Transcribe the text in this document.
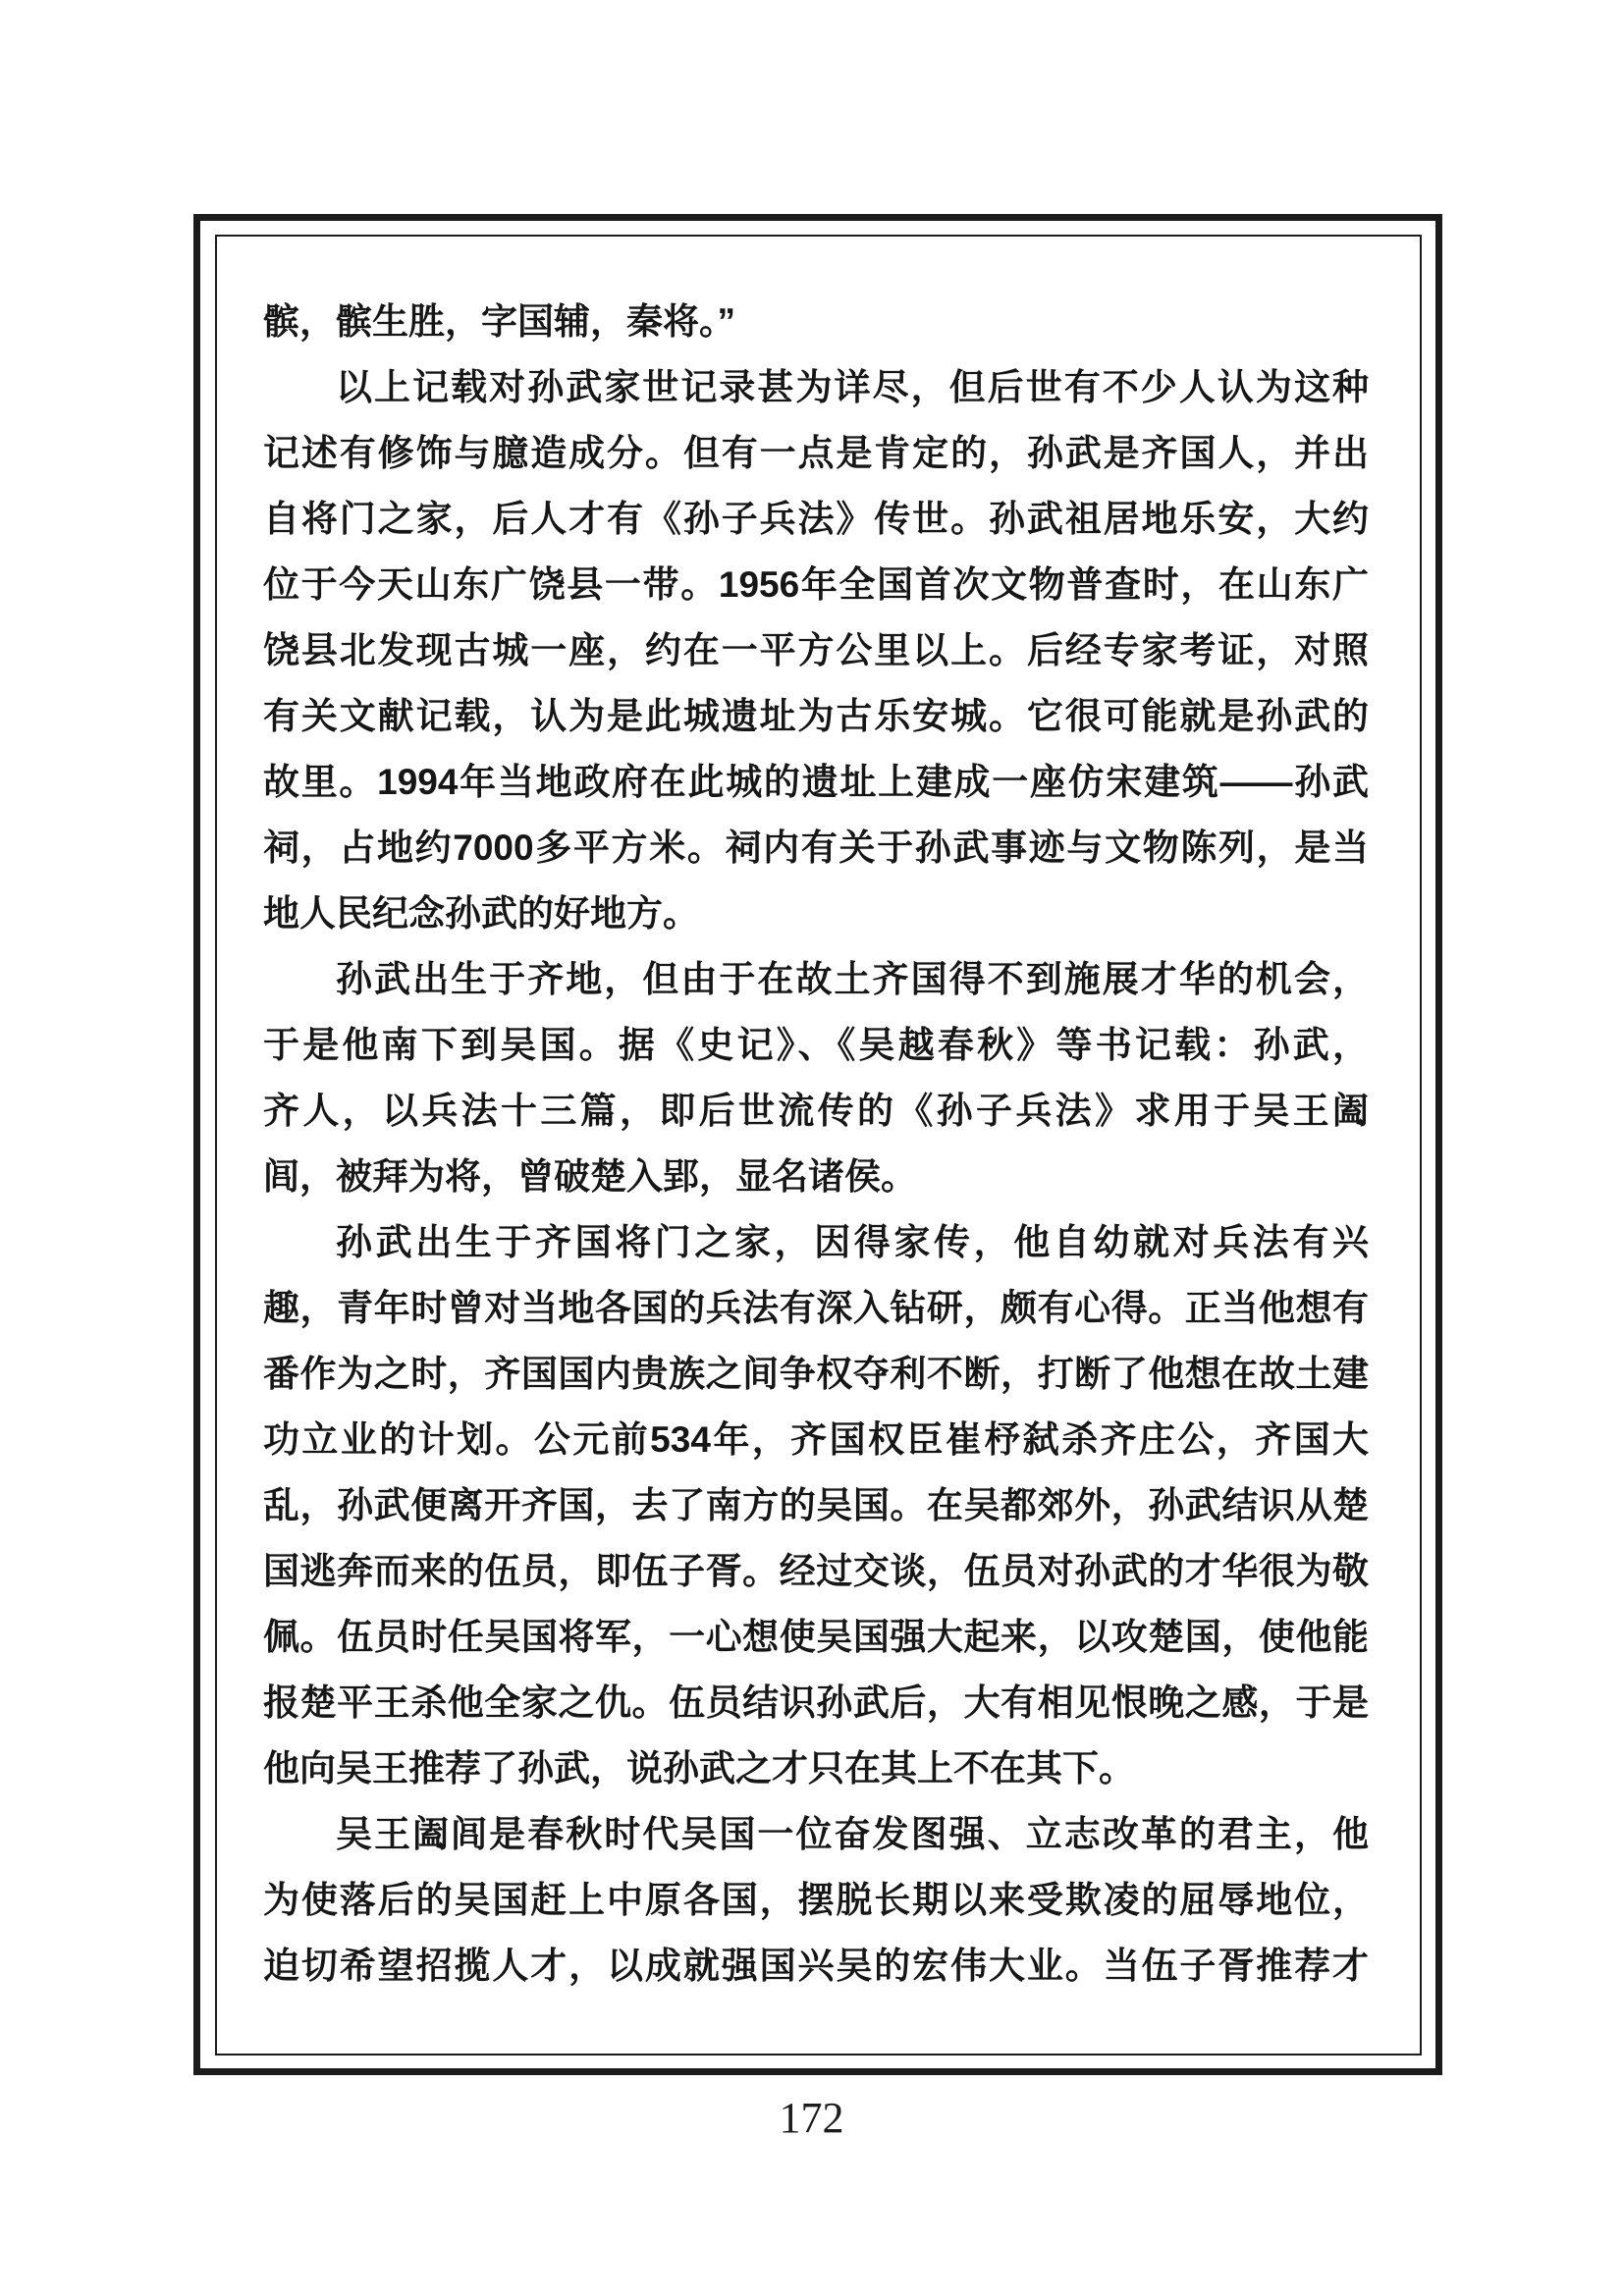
髌，髌生胜，字国辅，秦将。”
以上记载对孙武家世记录甚为详尽，但后世有不少人认为这种
记述有修饰与臆造成分。但有一点是肯定的，孙武是齐国人，并出
自将门之家，后人才有《孙子兵法》传世。孙武祖居地乐安，大约
位于今天山东广饶县一带。1956年全国首次文物普查时，在山东广
饶县北发现古城一座，约在一平方公里以上。后经专家考证，对照
有关文献记载，认为是此城遗址为古乐安城。它很可能就是孙武的
故里。1994年当地政府在此城的遗址上建成一座仿宋建筑——孙武
祠，占地约7000多平方米。祠内有关于孙武事迹与文物陈列，是当
地人民纪念孙武的好地方。
孙武出生于齐地，但由于在故土齐国得不到施展才华的机会，
于是他南下到吴国。据《史记》、《吴越春秋》等书记载：孙武，
齐人，以兵法十三篇，即后世流传的《孙子兵法》求用于吴王阖
闾，被拜为将，曾破楚入郢，显名诸侯。
孙武出生于齐国将门之家，因得家传，他自幼就对兵法有兴
趣，青年时曾对当地各国的兵法有深入钻研，颇有心得。正当他想有
番作为之时，齐国国内贵族之间争权夺利不断，打断了他想在故土建
功立业的计划。公元前534年，齐国权臣崔杼弑杀齐庄公，齐国大
乱，孙武便离开齐国，去了南方的吴国。在吴都郊外，孙武结识从楚
国逃奔而来的伍员，即伍子胥。经过交谈，伍员对孙武的才华很为敬
佩。伍员时任吴国将军，一心想使吴国强大起来，以攻楚国，使他能
报楚平王杀他全家之仇。伍员结识孙武后，大有相见恨晚之感，于是
他向吴王推荐了孙武，说孙武之才只在其上不在其下。
吴王阖闾是春秋时代吴国一位奋发图强、立志改革的君主，他
为使落后的吴国赶上中原各国，摆脱长期以来受欺凌的屈辱地位，
迫切希望招揽人才，以成就强国兴吴的宏伟大业。当伍子胥推荐才
172
